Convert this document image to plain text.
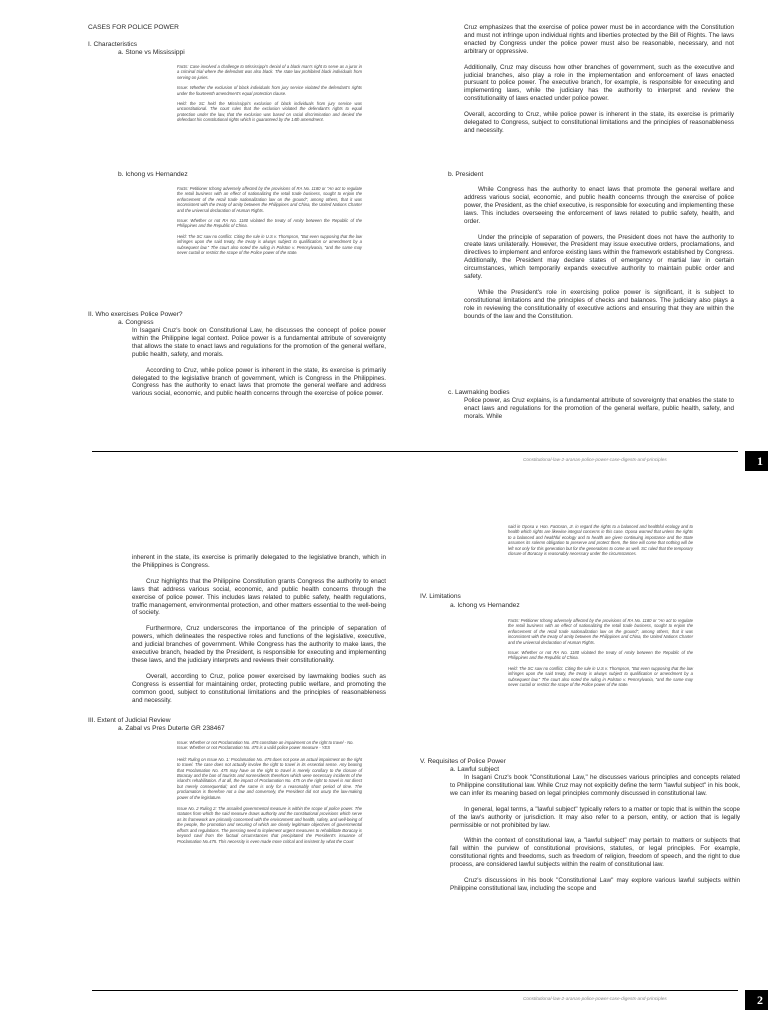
CASES FOR POLICE POWER
I. Characteristics
a. Stone vs Mississippi

Facts: Case involved a challenge to Mississippi's denial of a black man's right to serve as a juror in a criminal trial where the defendant was also black. The state law prohibited black individuals from serving on juries.

Issue: Whether the exclusion of black individuals from jury service violated the defendant's rights under the fourteenth amendment's equal protection clause.

Held: the SC held the Mississippi's exclusion of black individuals from jury service was unconstitutional. The court rules that the exclusion violated the defendant's rights to equal protection under the law, that the exclusion was based on racial discrimination and denied the defendant his constitutional rights which is guaranteed by the 14th amendment.

b. Ichong vs Hernandez

Facts: Petitioner Ichong adversely affected by the provisions of RA No. 1180 or "An act to regulate the retail business with an effect of nationalizing the retail trade business, sought to enjoin the enforcement of the retail trade nationalization law on the ground", among others, that it was inconsistent with the treaty of amity between the Philippines and China, the United Nations Charter and the universal declaration of Human Rights.

Issue: Whether or not RA No. 1180 violated the treaty of Amity between the Republic of the Philippines and the Republic of China.

Held: The SC saw no conflict. Citing the rule in U.S v. Thompson, "But even supposing that the law infringes upon the said treaty, the treaty is always subject to qualification or amendment by a subsequent law." The court also noted the ruling in Palston v. Pennsylvania, "and the same may never curtail or restrict the scope of the Police power of the state.

II. Who exercises Police Power?
a. Congress

In Isagani Cruz's book on Constitutional Law, he discusses the concept of police power within the Philippine legal context. Police power is a fundamental attribute of sovereignty that allows the state to enact laws and regulations for the promotion of the general welfare, public health, safety, and morals.

According to Cruz, while police power is inherent in the state, its exercise is primarily delegated to the legislative branch of government, which is Congress in the Philippines. Congress has the authority to enact laws that promote the general welfare and address various social, economic, and public health concerns through the exercise of police power.

Cruz emphasizes that the exercise of police power must be in accordance with the Constitution and must not infringe upon individual rights and liberties protected by the Bill of Rights. The laws enacted by Congress under the police power must also be reasonable, necessary, and not arbitrary or oppressive.

Additionally, Cruz may discuss how other branches of government, such as the executive and judicial branches, also play a role in the implementation and enforcement of laws enacted pursuant to police power. The executive branch, for example, is responsible for executing and implementing laws, while the judiciary has the authority to interpret and review the constitutionality of laws enacted under police power.

Overall, according to Cruz, while police power is inherent in the state, its exercise is primarily delegated to Congress, subject to constitutional limitations and the principles of reasonableness and necessity.

b. President

While Congress has the authority to enact laws that promote the general welfare and address various social, economic, and public health concerns through the exercise of police power, the President, as the chief executive, is responsible for executing and implementing these laws. This includes overseeing the enforcement of laws related to public safety, health, and order.

Under the principle of separation of powers, the President does not have the authority to create laws unilaterally. However, the President may issue executive orders, proclamations, and directives to implement and enforce existing laws within the framework established by Congress. Additionally, the President may declare states of emergency or martial law in certain circumstances, which temporarily expands executive authority to maintain public order and safety.

While the President's role in exercising police power is significant, it is subject to constitutional limitations and the principles of checks and balances. The judiciary also plays a role in reviewing the constitutionality of executive actions and ensuring that they are within the bounds of the law and the Constitution.

c. Lawmaking bodies

Police power, as Cruz explains, is a fundamental attribute of sovereignty that enables the state to enact laws and regulations for the promotion of the general welfare, public health, safety, and morals. While

Constitutional-law-2-aranas-police-power-case-digests-and-principles	1

inherent in the state, its exercise is primarily delegated to the legislative branch, which in the Philippines is Congress.

Cruz highlights that the Philippine Constitution grants Congress the authority to enact laws that address various social, economic, and public health concerns through the exercise of police power. This includes laws related to public safety, health regulations, traffic management, environmental protection, and other matters essential to the well-being of society.

Furthermore, Cruz underscores the importance of the principle of separation of powers, which delineates the respective roles and functions of the legislative, executive, and judicial branches of government. While Congress has the authority to make laws, the executive branch, headed by the President, is responsible for executing and implementing these laws, and the judiciary interprets and reviews their constitutionality.

Overall, according to Cruz, police power exercised by lawmaking bodies such as Congress is essential for maintaining order, protecting public welfare, and promoting the common good, subject to constitutional limitations and the principles of reasonableness and necessity.

III. Extent of Judicial Review
a. Zabal vs Pres Duterte GR 238467

Issue: Whether or not Proclamation No. 475 constitute an impairment on the right to travel - No.

Issue: Whether or not Proclamation No. 475 is a valid police power measure - YES

Held: Ruling on Issue No. 1: Proclamation No. 475 does not pose an actual impairment on the right to travel. The case does not actually involve the right to travel in its essential sense. Any bearing that Proclamation No. 475 may have on the right to travel is merely corollary to the closure of Boracay and the ban of tourists and nonresidents therefrom which were necessary incidents of the island's rehabilitation. If at all, the impact of Proclamation No. 475 on the right to travel is not direct but merely consequential; and the same is only for a reasonably short period of time. The proclamation is therefore not a law and conversely, the President did not usurp the law-making power of the legislature.

Issue No. 2 Ruling 2: The assailed governmental measure is within the scope of police power. The statutes from which the said measure draws authority and the constitutional provisions which serve as its framework are primarily concerned with the environment and health, safety, and well-being of the people, the promotion and securing of which are clearly legitimate objectives of governmental efforts and regulations. The pressing need to implement urgent measures to rehabilitate Boracay is beyond cavil from the factual circumstances that precipitated the President's issuance of Proclamation No.475. This necessity is even made more critical and insistent by what the Court

said in Oposa v. Hon. Factoran, Jr. in regard the rights to a balanced and healthful ecology and to health which rights are likewise integral concerns in this case. Oposa warned that unless the rights to a balanced and healthful ecology and to health are given continuing importance and the State assumes its solemn obligation to preserve and protect them, the time will come that nothing will be left not only for this generation but for the generations to come as well. SC ruled that the temporary closure of Boracay is reasonably necessary under the circumstances.

IV. Limitations
a. Ichong vs Hernandez

Facts: Petitioner Ichong adversely affected by the provisions of RA No. 1180 or "An act to regulate the retail business with an effect of nationalizing the retail trade business, sought to enjoin the enforcement of the retail trade nationalization law on the ground", among others, that it was inconsistent with the treaty of amity between the Philippines and China, the United Nations Charter and the universal declaration of Human Rights.

Issue: Whether or not RA No. 1180 violated the treaty of Amity between the Republic of the Philippines and the Republic of China.

Held: The SC saw no conflict. Citing the rule in U.S v. Thompson, "But even supposing that the law infringes upon the said treaty, the treaty is always subject to qualification or amendment by a subsequent law." The court also noted the ruling in Palston v. Pennsylvania, "and the same may never curtail or restrict the scope of the Police power of the state.

V. Requisites of Police Power
a. Lawful subject

In Isagani Cruz's book "Constitutional Law," he discusses various principles and concepts related to Philippine constitutional law. While Cruz may not explicitly define the term "lawful subject" in his book, we can infer its meaning based on legal principles commonly discussed in constitutional law.

In general, legal terms, a "lawful subject" typically refers to a matter or topic that is within the scope of the law's authority or jurisdiction. It may also refer to a person, entity, or action that is legally permissible or not prohibited by law.

Within the context of constitutional law, a "lawful subject" may pertain to matters or subjects that fall within the purview of constitutional provisions, statutes, or legal principles. For example, constitutional rights and freedoms, such as freedom of religion, freedom of speech, and the right to due process, are considered lawful subjects within the realm of constitutional law.

Cruz's discussions in his book "Constitutional Law" may explore various lawful subjects within Philippine constitutional law, including the scope and

Constitutional-law-2-aranas-police-power-case-digests-and-principles	2
